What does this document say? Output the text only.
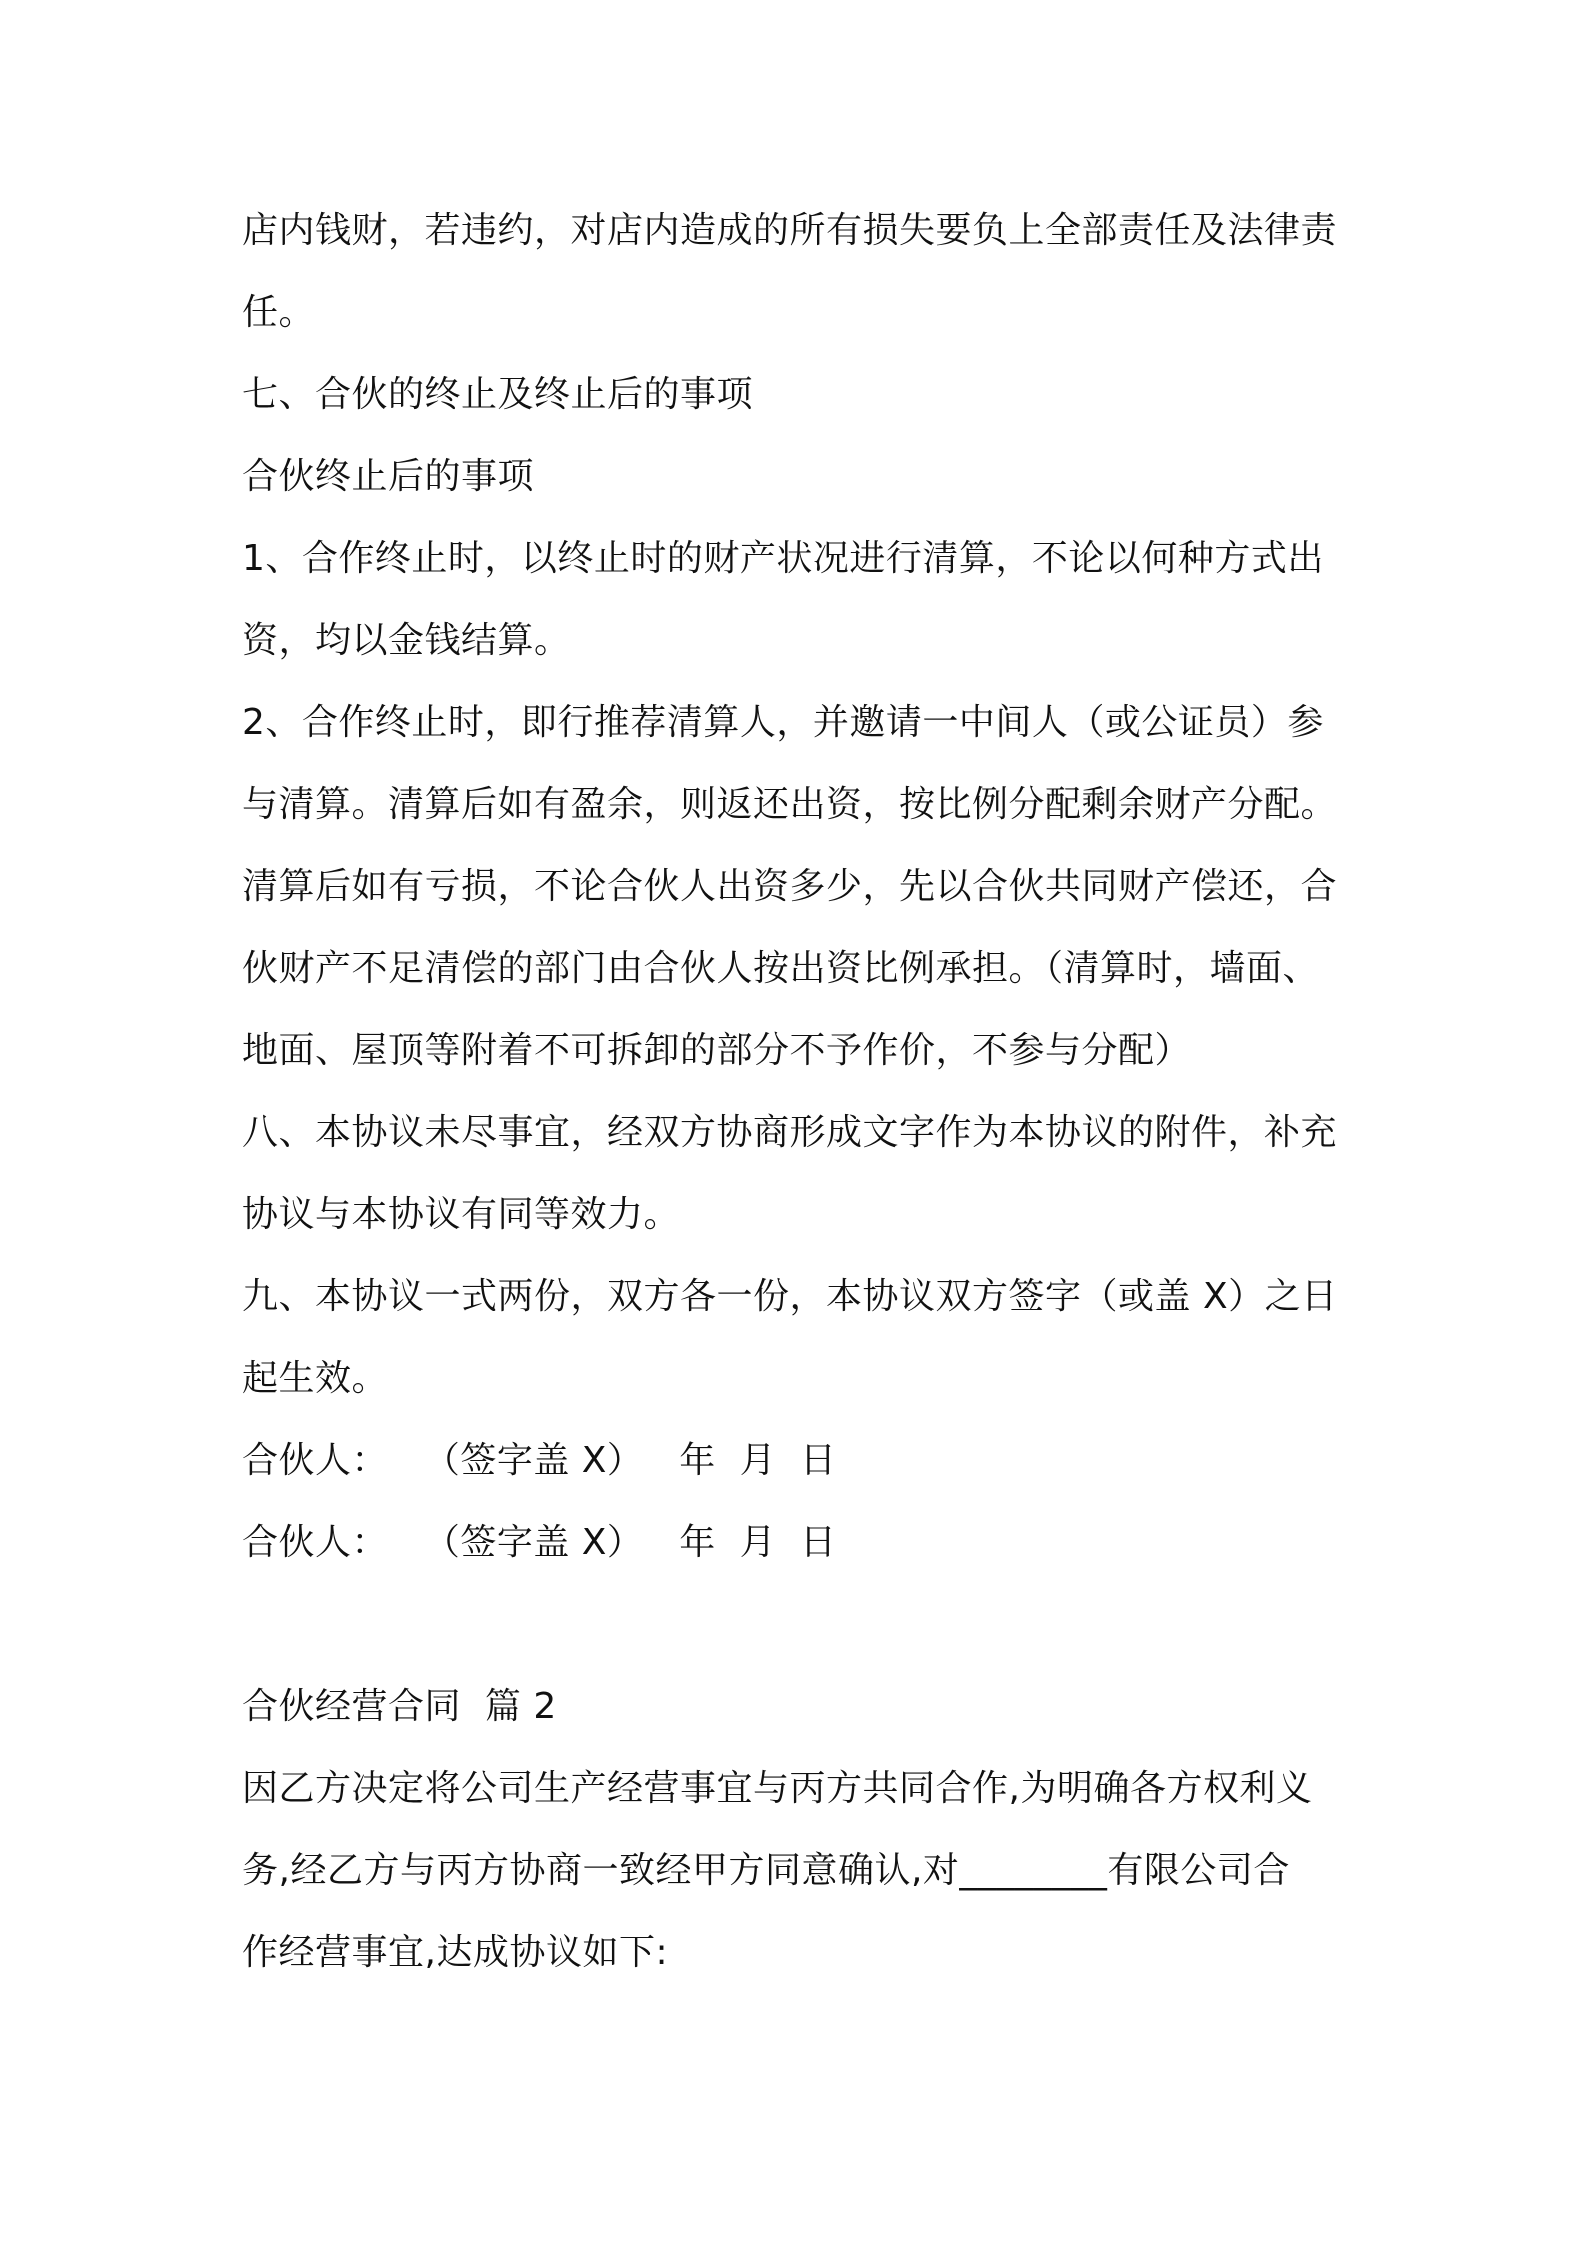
店内钱财，若违约，对店内造成的所有损失要负上全部责任及法律责
任。
七、合伙的终止及终止后的事项
合伙终止后的事项
1、合作终止时，以终止时的财产状况进行清算，不论以何种方式出
资，均以金钱结算。
2、合作终止时，即行推荐清算人，并邀请一中间人（或公证员）参
与清算。清算后如有盈余，则返还出资，按比例分配剩余财产分配。
清算后如有亏损，不论合伙人出资多少，先以合伙共同财产偿还，合
伙财产不足清偿的部门由合伙人按出资比例承担。（清算时，墙面、
地面、屋顶等附着不可拆卸的部分不予作价，不参与分配）
八、本协议未尽事宜，经双方协商形成文字作为本协议的附件，补充
协议与本协议有同等效力。
九、本协议一式两份，双方各一份，本协议双方签字（或盖 X）之日
起生效。
合伙人：   （签字盖 X）   年  月  日
合伙人：   （签字盖 X）   年  月  日
合伙经营合同  篇 2
因乙方决定将公司生产经营事宜与丙方共同合作,为明确各方权利义
务,经乙方与丙方协商一致经甲方同意确认,对________有限公司合
作经营事宜,达成协议如下:
